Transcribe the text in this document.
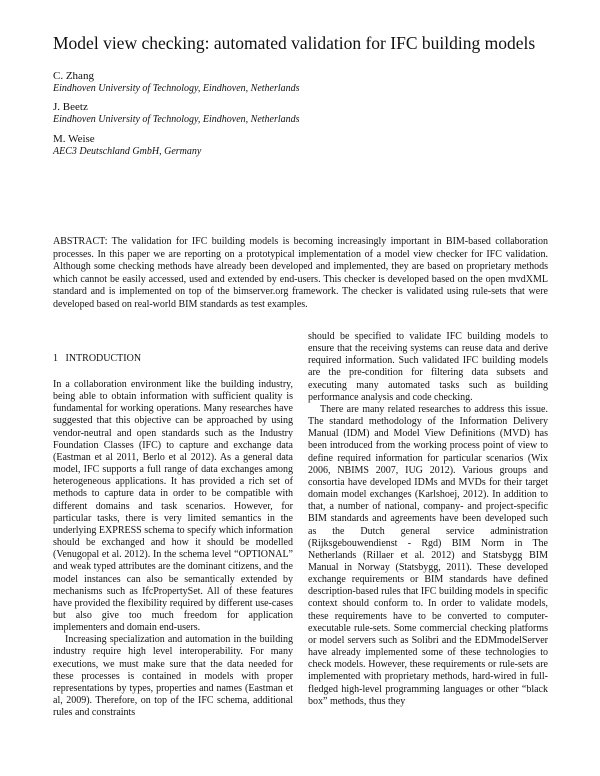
Model view checking: automated validation for IFC building models
C. Zhang
Eindhoven University of Technology, Eindhoven, Netherlands
J. Beetz
Eindhoven University of Technology, Eindhoven, Netherlands
M. Weise
AEC3 Deutschland GmbH, Germany
ABSTRACT: The validation for IFC building models is becoming increasingly important in BIM-based collaboration processes. In this paper we are reporting on a prototypical implementation of a model view checker for IFC validation. Although some checking methods have already been developed and implemented, they are based on proprietary methods which cannot be easily accessed, used and extended by end-users. This checker is developed based on the open mvdXML standard and is implemented on top of the bimserver.org framework. The checker is validated using rule-sets that were developed based on real-world BIM standards as test examples.
1 INTRODUCTION

In a collaboration environment like the building industry, being able to obtain information with sufficient quality is fundamental for working operations. Many researches have suggested that this objective can be approached by using vendor-neutral and open standards such as the Industry Foundation Classes (IFC) to capture and exchange data (Eastman et al 2011, Berlo et al 2012). As a general data model, IFC supports a full range of data exchanges among heterogeneous applications. It has provided a rich set of methods to capture data in order to be compatible with different domains and task scenarios. However, for particular tasks, there is very limited semantics in the underlying EXPRESS schema to specify which information should be exchanged and how it should be modelled (Venugopal et al. 2012). In the schema level “OPTIONAL” and weak typed attributes are the dominant citizens, and the model instances can also be semantically extended by mechanisms such as IfcPropertySet. All of these features have provided the flexibility required by different use-cases but also give too much freedom for application implementers and domain end-users.

Increasing specialization and automation in the building industry require high level interoperability. For many executions, we must make sure that the data needed for these processes is contained in models with proper representations by types, properties and names (Eastman et al, 2009). Therefore, on top of the IFC schema, additional rules and constraints

should be specified to validate IFC building models to ensure that the receiving systems can reuse data and derive required information. Such validated IFC building models are the pre-condition for filtering data subsets and executing many automated tasks such as building performance analysis and code checking.

There are many related researches to address this issue. The standard methodology of the Information Delivery Manual (IDM) and Model View Definitions (MVD) has been introduced from the working process point of view to define required information for particular scenarios (Wix 2006, NBIMS 2007, IUG 2012). Various groups and consortia have developed IDMs and MVDs for their target domain model exchanges (Karlshoej, 2012). In addition to that, a number of national, company- and project-specific BIM standards and agreements have been developed such as the Dutch general service administration (Rijksgebouwendienst - Rgd) BIM Norm in The Netherlands (Rillaer et al. 2012) and Statsbygg BIM Manual in Norway (Statsbygg, 2011). These developed exchange requirements or BIM standards have defined description-based rules that IFC building models in specific context should conform to. In order to validate models, these requirements have to be converted to computer-executable rule-sets. Some commercial checking platforms or model servers such as Solibri and the EDMmodelServer have already implemented some of these technologies to check models. However, these requirements or rule-sets are implemented with proprietary methods, hard-wired in full-fledged high-level programming languages or other “black box” methods, thus they
